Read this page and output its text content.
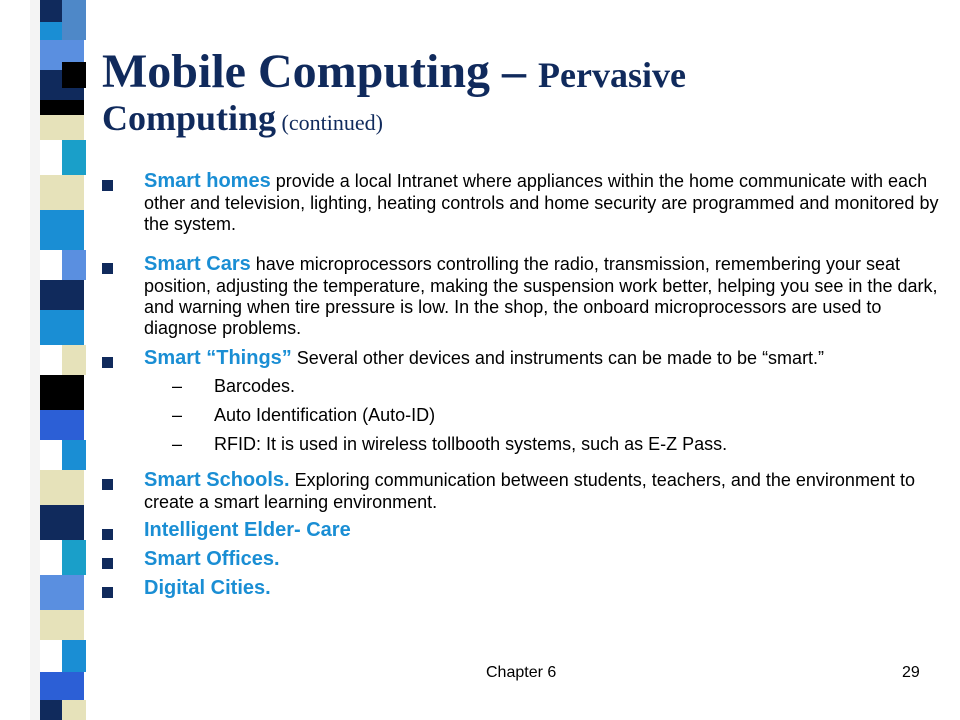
Mobile Computing – Pervasive
Computing (continued)
Smart homes provide a local Intranet where appliances within the home communicate with each other and television, lighting, heating controls and home security are programmed and monitored by the system.
Smart Cars have microprocessors controlling the radio, transmission, remembering your seat position, adjusting the temperature, making the suspension work better, helping you see in the dark, and warning when tire pressure is low. In the shop, the onboard microprocessors are used to diagnose problems.
Smart “Things” Several other devices and instruments can be made to be “smart.”
– Barcodes.
– Auto Identification (Auto-ID)
– RFID: It is used in wireless tollbooth systems, such as E-Z Pass.
Smart Schools. Exploring communication between students, teachers, and the environment to create a smart learning environment.
Intelligent Elder- Care
Smart Offices.
Digital Cities.
Chapter 6	29
